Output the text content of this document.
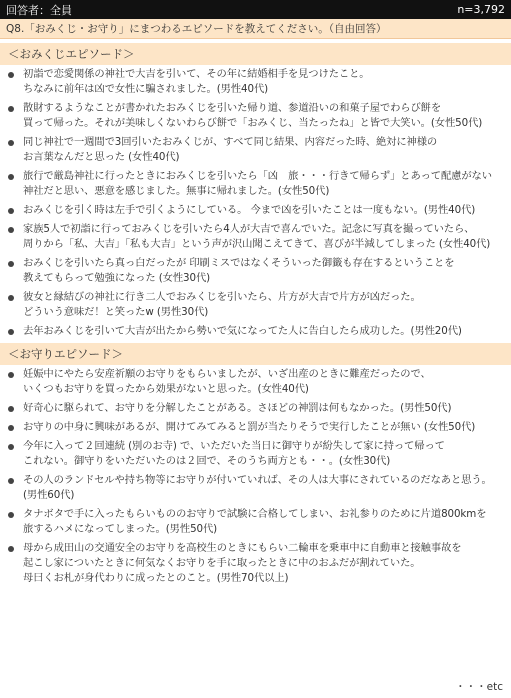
回答者：全員	n=3,792
Q8.「おみくじ・お守り」にまつわるエピソードを教えてください。（自由回答）
＜おみくじエピソード＞
初詣で恋愛関係の神社で大吉を引いて、その年に結婚相手を見つけたこと。
ちなみに前年は凶で女性に騙されました。(男性40代)
散財するようなことが書かれたおみくじを引いた帰り道、参道沿いの和菓子屋でわらび餅を
買って帰った。それが美味しくないわらび餅で「おみくじ、当たったね」と皆で大笑い。(女性50代)
同じ神社で一週間で3回引いたおみくじが、すべて同じ結果、内容だった時、絶対に神様の
お言葉なんだと思った (女性40代)
旅行で厳島神社に行ったときにおみくじを引いたら「凶　旅・・・行きて帰らず」とあって配慮がない
神社だと思い、悪意を感じました。無事に帰れました。(女性50代)
おみくじを引く時は左手で引くようにしている。 今まで凶を引いたことは一度もない。(男性40代)
家族5人で初詣に行っておみくじを引いたら4人が大吉で喜んでいた。記念に写真を撮っていたら、
周りから「私、大吉」「私も大吉」という声が沢山聞こえてきて、喜びが半減してしまった (女性40代)
おみくじを引いたら真っ白だったが 印刷ミスではなくそういった御籤も存在するということを
教えてもらって勉強になった (女性30代)
彼女と縁結びの神社に行き二人でおみくじを引いたら、片方が大吉で片方が凶だった。
どういう意味だ！と笑ったw (男性30代)
去年おみくじを引いて大吉が出たから勢いで気になってた人に告白したら成功した。(男性20代)
＜お守りエピソード＞
妊娠中にやたら安産祈願のお守りをもらいましたが、いざ出産のときに難産だったので、
いくつもお守りを買ったから効果がないと思った。(女性40代)
好奇心に駆られて、お守りを分解したことがある。さほどの神罰は何もなかった。(男性50代)
お守りの中身に興味があるが、開けてみてみると罰が当たりそうで実行したことが無い (女性50代)
今年に入って２回連続 (別のお寺) で、いただいた当日に御守りが紛失して家に持って帰って
これない。御守りをいただいたのは２回で、そのうち両方とも・・。(女性30代)
その人のランドセルや持ち物等にお守りが付いていれば、その人は大事にされているのだなあと思う。
(男性60代)
タナボタで手に入ったもらいもののお守りで試験に合格してしまい、お礼参りのために片道800kmを
旅するハメになってしまった。(男性50代)
母から成田山の交通安全のお守りを高校生のときにもらい二輪車を乗車中に自動車と接触事故を
起こし家についたときに何気なくお守りを手に取ったときに中のおふだが割れていた。
母曰くお札が身代わりに成ったとのこと。(男性70代以上)
・・・etc
